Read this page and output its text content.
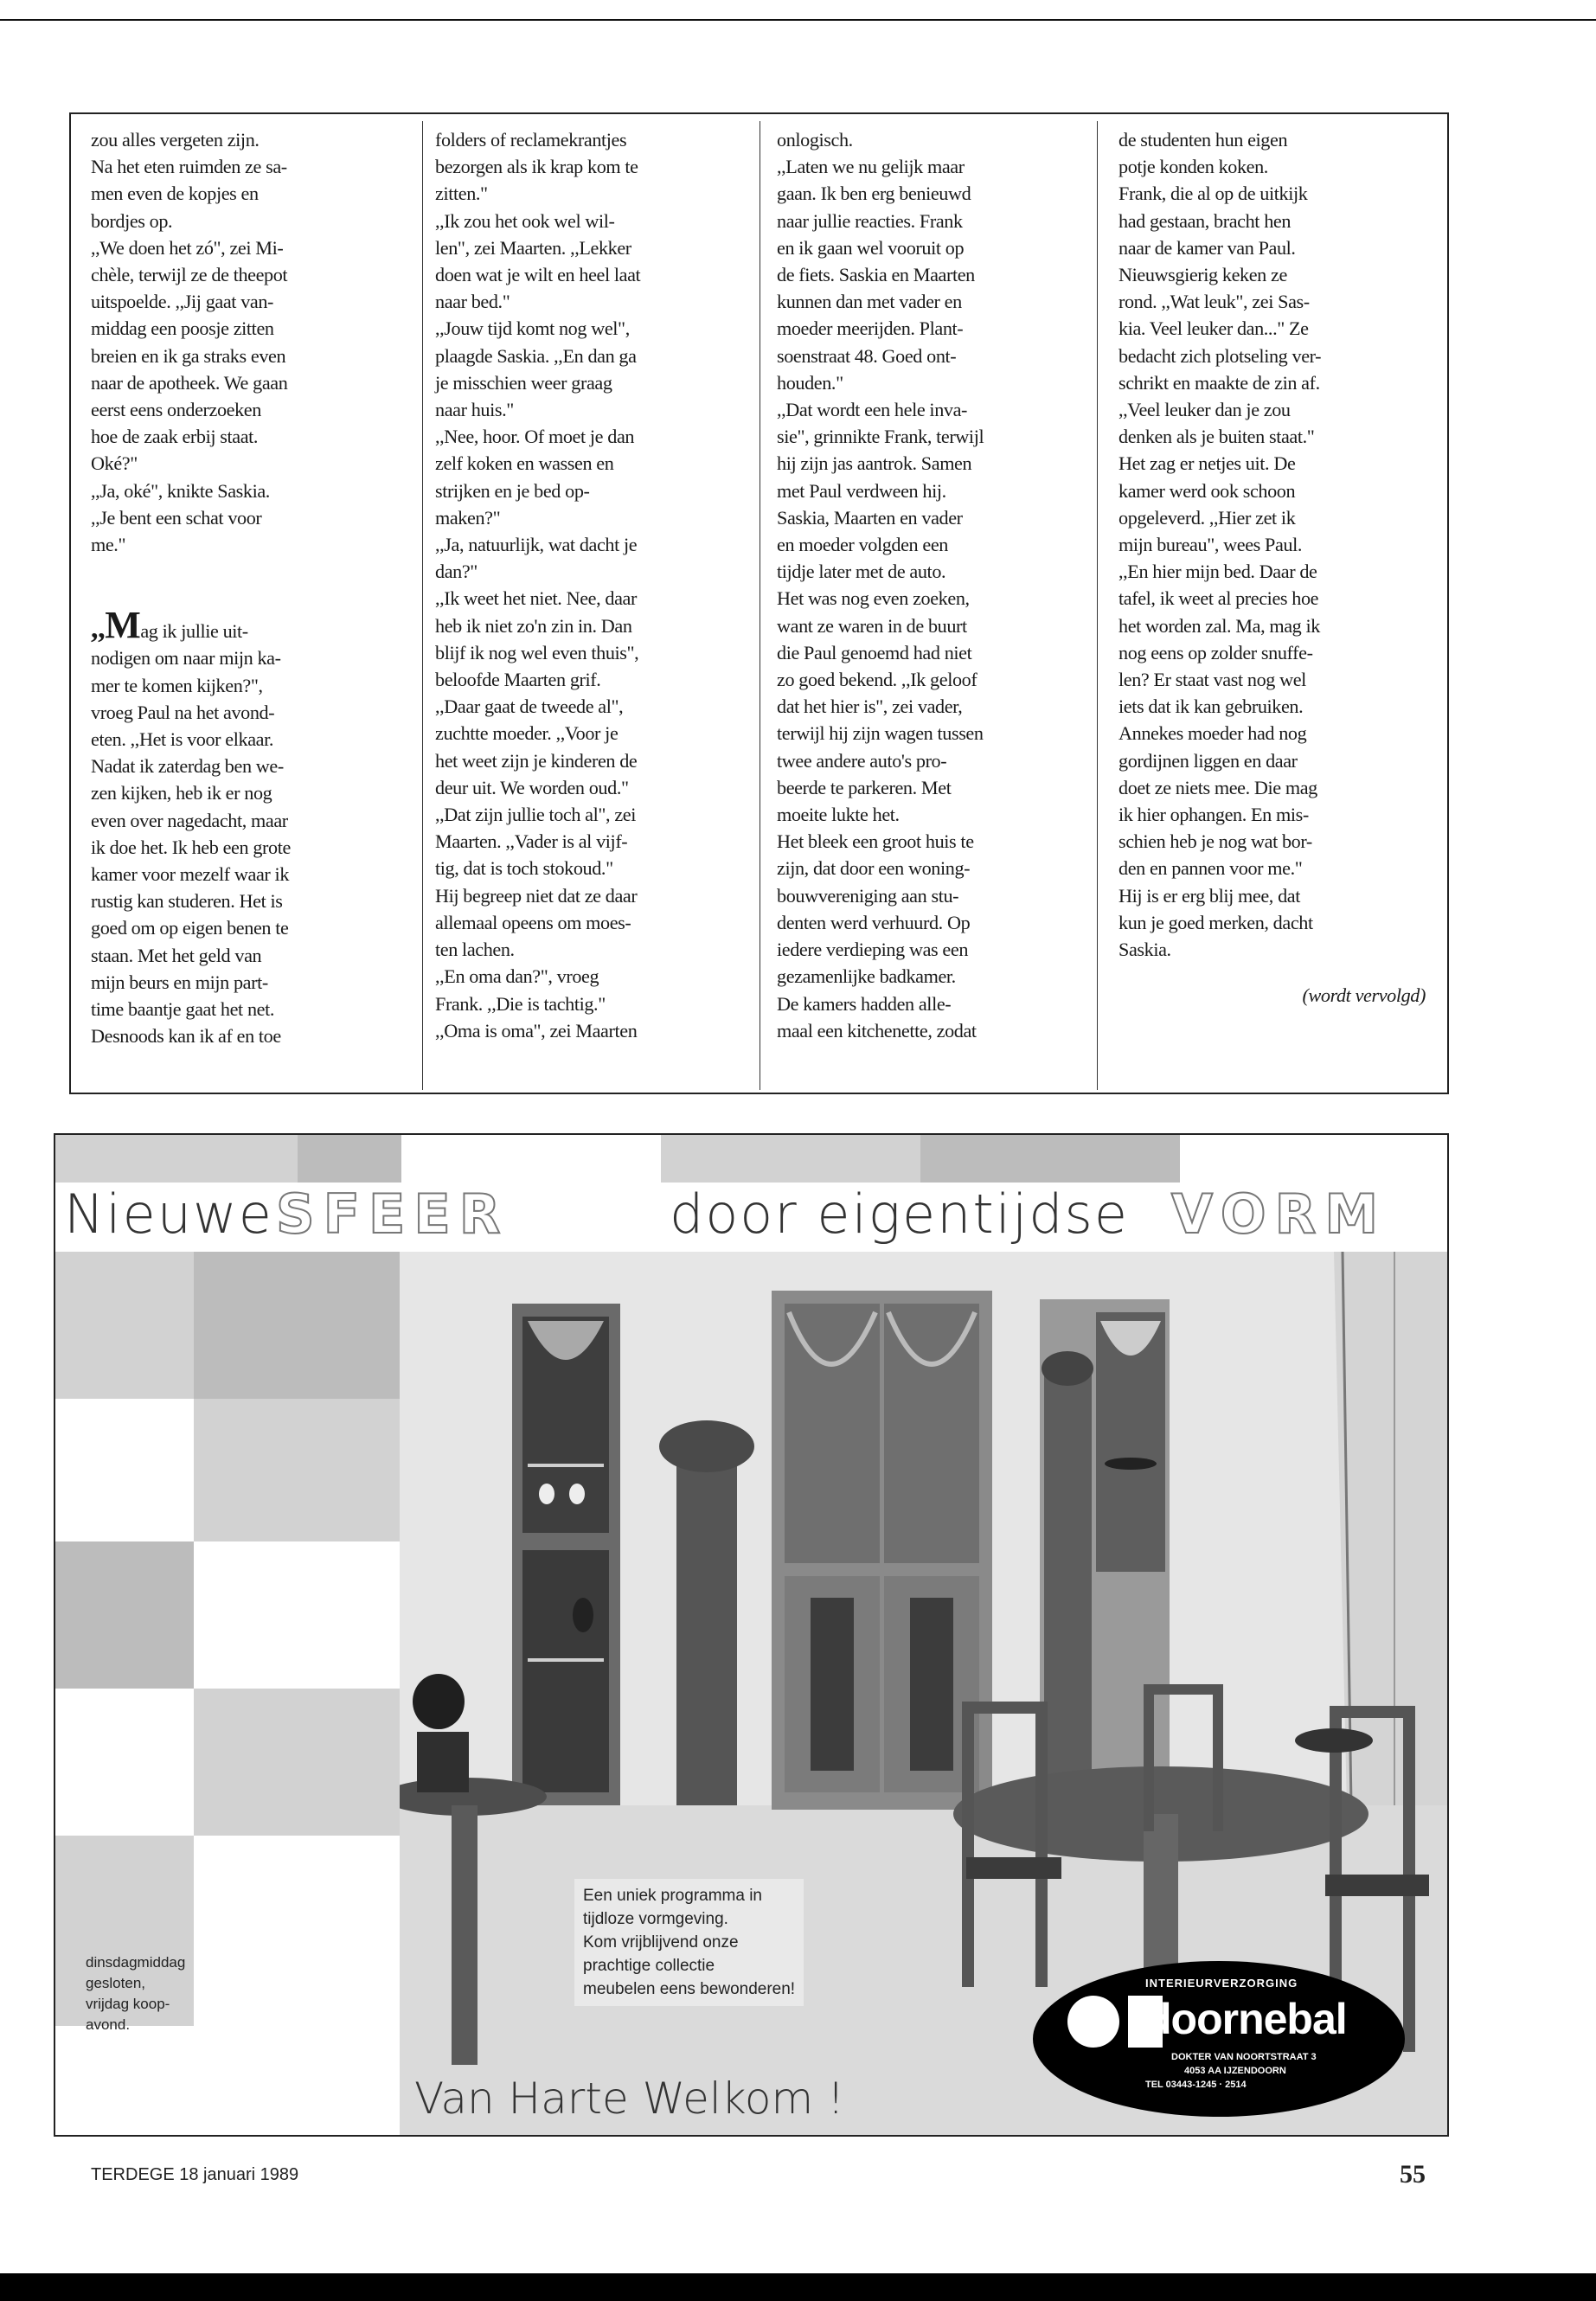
zou alles vergeten zijn.
Na het eten ruimden ze sa-
men even de kopjes en
bordjes op.
,,We doen het zó", zei Mi-
chèle, terwijl ze de theepot
uitspoelde. ,,Jij gaat van-
middag een poosje zitten
breien en ik ga straks even
naar de apotheek. We gaan
eerst eens onderzoeken
hoe de zaak erbij staat.
Oké?"
,,Ja, oké", knikte Saskia.
,,Je bent een schat voor
me."
,,Mag ik jullie uit-
nodigen om naar mijn ka-
mer te komen kijken?",
vroeg Paul na het avond-
eten. ,,Het is voor elkaar.
Nadat ik zaterdag ben we-
zen kijken, heb ik er nog
even over nagedacht, maar
ik doe het. Ik heb een grote
kamer voor mezelf waar ik
rustig kan studeren. Het is
goed om op eigen benen te
staan. Met het geld van
mijn beurs en mijn part-
time baantje gaat het net.
Desnoods kan ik af en toe
folders of reclamekrantjes
bezorgen als ik krap kom te
zitten."
,,Ik zou het ook wel wil-
len", zei Maarten. ,,Lekker
doen wat je wilt en heel laat
naar bed."
,,Jouw tijd komt nog wel",
plaagde Saskia. ,,En dan ga
je misschien weer graag
naar huis."
,,Nee, hoor. Of moet je dan
zelf koken en wassen en
strijken en je bed op-
maken?"
,,Ja, natuurlijk, wat dacht je
dan?"
,,Ik weet het niet. Nee, daar
heb ik niet zo'n zin in. Dan
blijf ik nog wel even thuis",
beloofde Maarten grif.
,,Daar gaat de tweede al",
zuchtte moeder. ,,Voor je
het weet zijn je kinderen de
deur uit. We worden oud."
,,Dat zijn jullie toch al", zei
Maarten. ,,Vader is al vijf-
tig, dat is toch stokoud."
Hij begreep niet dat ze daar
allemaal opeens om moes-
ten lachen.
,,En oma dan?", vroeg
Frank. ,,Die is tachtig."
,,Oma is oma", zei Maarten
onlogisch.
,,Laten we nu gelijk maar
gaan. Ik ben erg benieuwd
naar jullie reacties. Frank
en ik gaan wel vooruit op
de fiets. Saskia en Maarten
kunnen dan met vader en
moeder meerijden. Plant-
soenstraat 48. Goed ont-
houden."
,,Dat wordt een hele inva-
sie", grinnikte Frank, terwijl
hij zijn jas aantrok. Samen
met Paul verdween hij.
Saskia, Maarten en vader
en moeder volgden een
tijdje later met de auto.
Het was nog even zoeken,
want ze waren in de buurt
die Paul genoemd had niet
zo goed bekend. ,,Ik geloof
dat het hier is", zei vader,
terwijl hij zijn wagen tussen
twee andere auto's pro-
beerde te parkeren. Met
moeite lukte het.
Het bleek een groot huis te
zijn, dat door een woning-
bouwvereniging aan stu-
denten werd verhuurd. Op
iedere verdieping was een
gezamenlijke badkamer.
De kamers hadden alle-
maal een kitchenette, zodat
de studenten hun eigen
potje konden koken.
Frank, die al op de uitkijk
had gestaan, bracht hen
naar de kamer van Paul.
Nieuwsgierig keken ze
rond. ,,Wat leuk", zei Sas-
kia. Veel leuker dan..." Ze
bedacht zich plotseling ver-
schrikt en maakte de zin af.
,,Veel leuker dan je zou
denken als je buiten staat."
Het zag er netjes uit. De
kamer werd ook schoon
opgeleverd. ,,Hier zet ik
mijn bureau", wees Paul.
,,En hier mijn bed. Daar de
tafel, ik weet al precies hoe
het worden zal. Ma, mag ik
nog eens op zolder snuffe-
len? Er staat vast nog wel
iets dat ik kan gebruiken.
Annekes moeder had nog
gordijnen liggen en daar
doet ze niets mee. Die mag
ik hier ophangen. En mis-
schien heb je nog wat bor-
den en pannen voor me."
Hij is er erg blij mee, dat
kun je goed merken, dacht
Saskia.
(wordt vervolgd)
Nieuwe SFEER	door eigentijdse VORM
dinsdagmiddag
gesloten,
vrijdag koop-
avond.
Een uniek programma in
tijdloze vormgeving.
Kom vrijblijvend onze
prachtige collectie
meubelen eens bewonderen!
Van Harte Welkom !
INTERIEURVERZORGING
doornebal
DOKTER VAN NOORTSTRAAT 3
4053 AA IJZENDOORN
TEL 03443-1245 · 2514
TERDEGE 18 januari 1989	55
